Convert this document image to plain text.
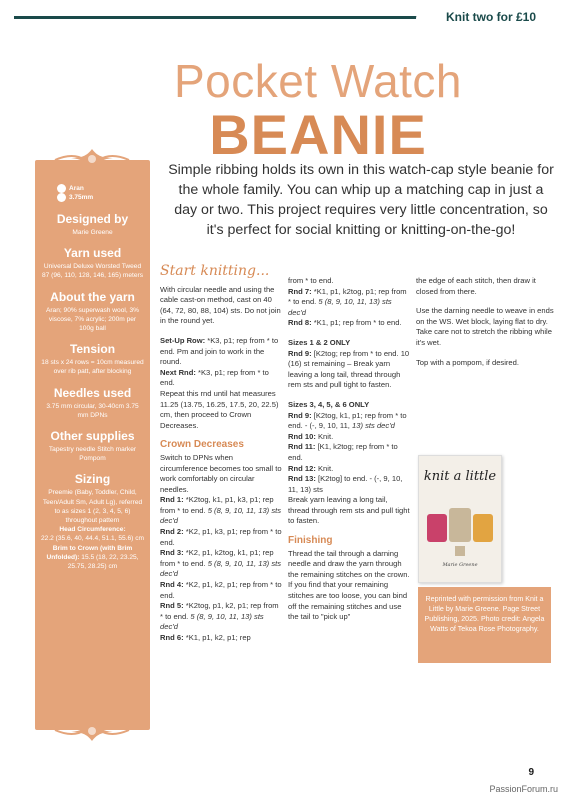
Knit two for £10
Pocket Watch
BEANIE
Simple ribbing holds its own in this watch-cap style beanie for the whole family. You can whip up a matching cap in just a day or two. This project requires very little concentration, so it's perfect for social knitting or knitting-on-the-go!
Aran
3.75mm
Designed by
Marie Greene
Yarn used
Universal Deluxe Worsted Tweed 87 (96, 110, 128, 146, 165) meters
About the yarn
Aran; 90% superwash wool, 3% viscose, 7% acrylic; 200m per 100g ball
Tension
18 sts x 24 rows = 10cm measured over rib patt, after blocking
Needles used
3.75 mm circular, 30-40cm 3.75 mm DPNs
Other supplies
Tapestry needle Stitch marker Pompom
Sizing
Preemie (Baby, Toddler, Child, Teen/Adult Sm, Adult Lg), referred to as sizes 1 (2, 3, 4, 5, 6) throughout pattern
Head Circumference:
22.2 (35.6, 40, 44.4, 51.1, 55.6) cm
Brim to Crown (with Brim Unfolded): 15.5 (18, 22, 23.25, 25.75, 28.25) cm
Start knitting...

With circular needle and using the cable cast-on method, cast on 40 (64, 72, 80, 88, 104) sts. Do not join in the round yet.

Set-Up Row: *K3, p1; rep from * to end. Pm and join to work in the round.
Next Rnd: *K3, p1; rep from * to end.

Repeat this rnd until hat measures 11.25 (13.75, 16.25, 17.5, 20, 22.5) cm, then proceed to Crown Decreases.

Crown Decreases
Switch to DPNs when circumference becomes too small to work comfortably on circular needles.
Rnd 1: *K2tog, k1, p1, k3, p1; rep from * to end. 5 (8, 9, 10, 11, 13) sts dec'd
Rnd 2: *K2, p1, k3, p1; rep from * to end.
Rnd 3: *K2, p1, k2tog, k1, p1; rep from * to end. 5 (8, 9, 10, 11, 13) sts dec'd
Rnd 4: *K2, p1, k2, p1; rep from * to end.
Rnd 5: *K2tog, p1, k2, p1; rep from * to end. 5 (8, 9, 10, 11, 13) sts dec'd
Rnd 6: *K1, p1, k2, p1; rep
from * to end.
Rnd 7: *K1, p1, k2tog, p1; rep from * to end. 5 (8, 9, 10, 11, 13) sts dec'd

Rnd 8: *K1, p1; rep from * to end.

Sizes 1 & 2 ONLY

Rnd 9: [K2tog; rep from * to end. 10 (16) st remaining – Break yarn leaving a long tail, thread through rem sts and pull tight to fasten.

Sizes 3, 4, 5, & 6 ONLY
Rnd 9: [K2tog, k1, p1; rep from * to end. - (-, 9, 10, 11, 13) sts dec'd
Rnd 10: Knit.
Rnd 11: [K1, k2tog; rep from * to end.
Rnd 12: Knit.
Rnd 13: [K2tog] to end. - (-, 9, 10, 11, 13) sts

Break yarn leaving a long tail, thread through rem sts and pull tight to fasten.

Finishing
Thread the tail through a darning needle and draw the yarn through the remaining stitches on the crown. If you find that your remaining stitches are too loose, you can bind off the remaining stitches and use the tail to "pick up"

the edge of each stitch, then draw it closed from there.

Use the darning needle to weave in ends on the WS. Wet block, laying flat to dry. Take care not to stretch the ribbing while it's wet.

Top with a pompom, if desired.

knit a little
Marie Greene
Reprinted with permission from Knit a Little by Marie Greene. Page Street Publishing, 2025. Photo credit: Angela Watts of Tekoa Rose Photography.
9
PassionForum.ru
